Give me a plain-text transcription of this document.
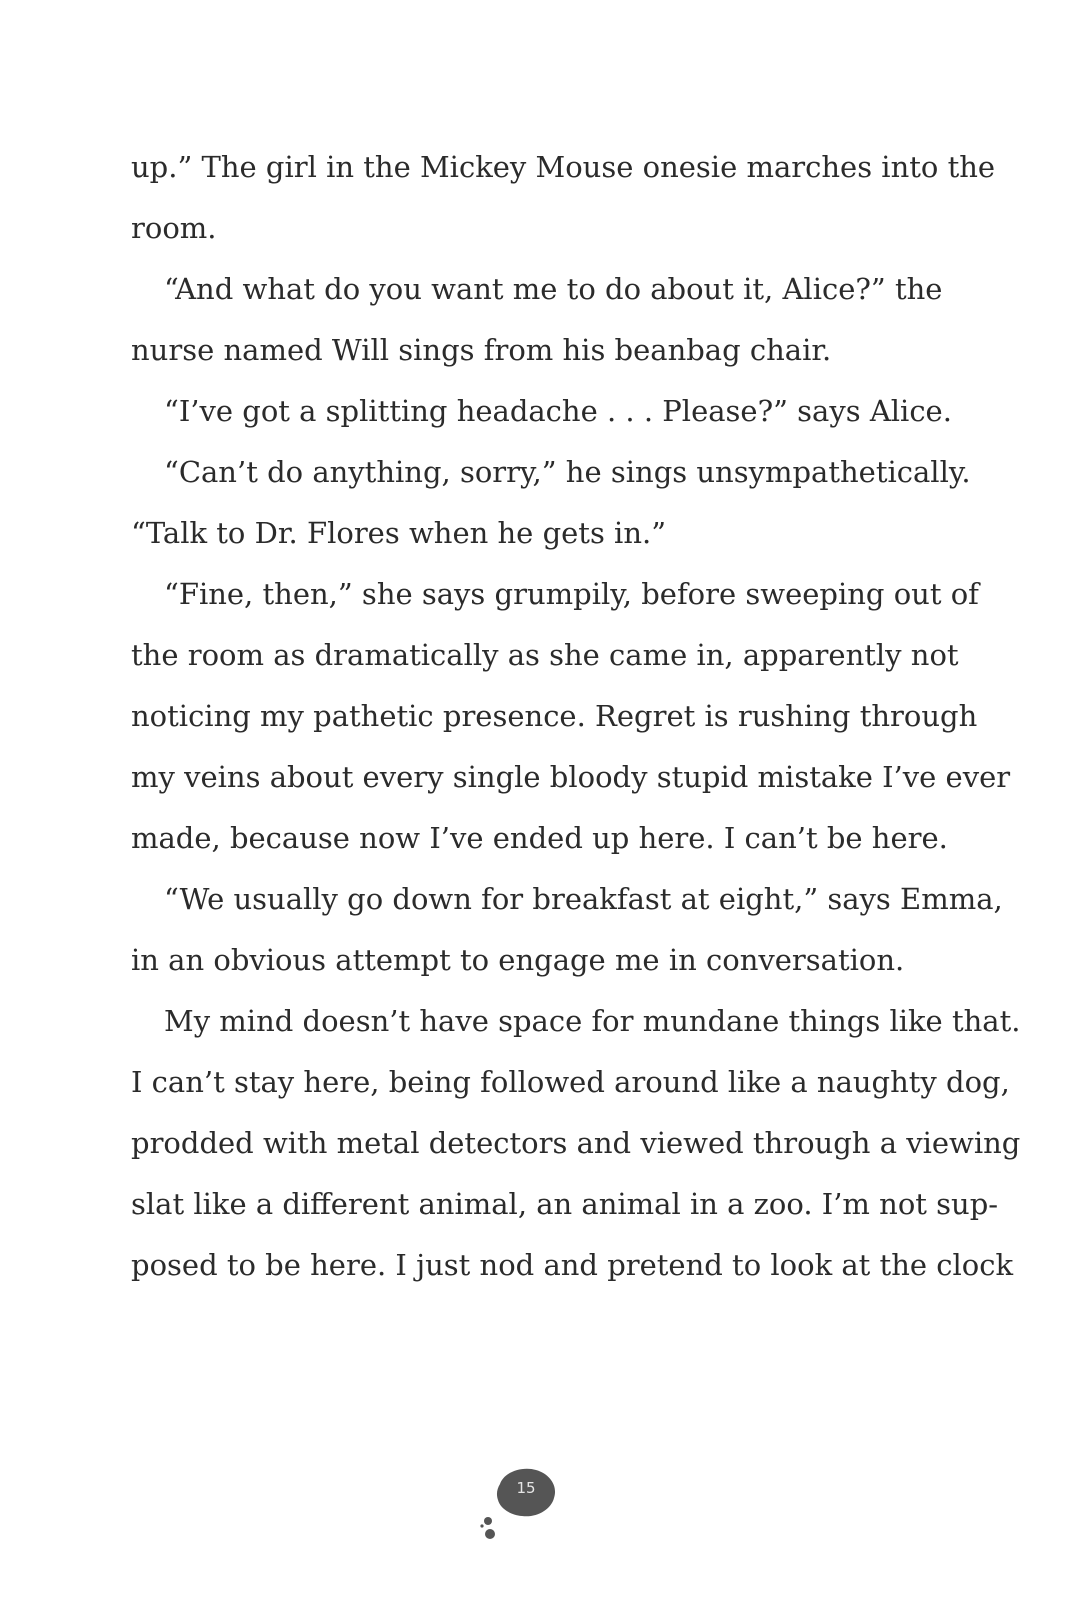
up.” The girl in the Mickey Mouse onesie marches into the
room.
“And what do you want me to do about it, Alice?” the
nurse named Will sings from his beanbag chair.
“I’ve got a splitting headache . . . Please?” says Alice.
“Can’t do anything, sorry,” he sings unsympathetically.
“Talk to Dr. Flores when he gets in.”
“Fine, then,” she says grumpily, before sweeping out of
the room as dramatically as she came in, apparently not
noticing my pathetic presence. Regret is rushing through
my veins about every single bloody stupid mistake I’ve ever
made, because now I’ve ended up here. I can’t be here.
“We usually go down for breakfast at eight,” says Emma,
in an obvious attempt to engage me in conversation.
My mind doesn’t have space for mundane things like that.
I can’t stay here, being followed around like a naughty dog,
prodded with metal detectors and viewed through a viewing
slat like a different animal, an animal in a zoo. I’m not sup-
posed to be here. I just nod and pretend to look at the clock
15
